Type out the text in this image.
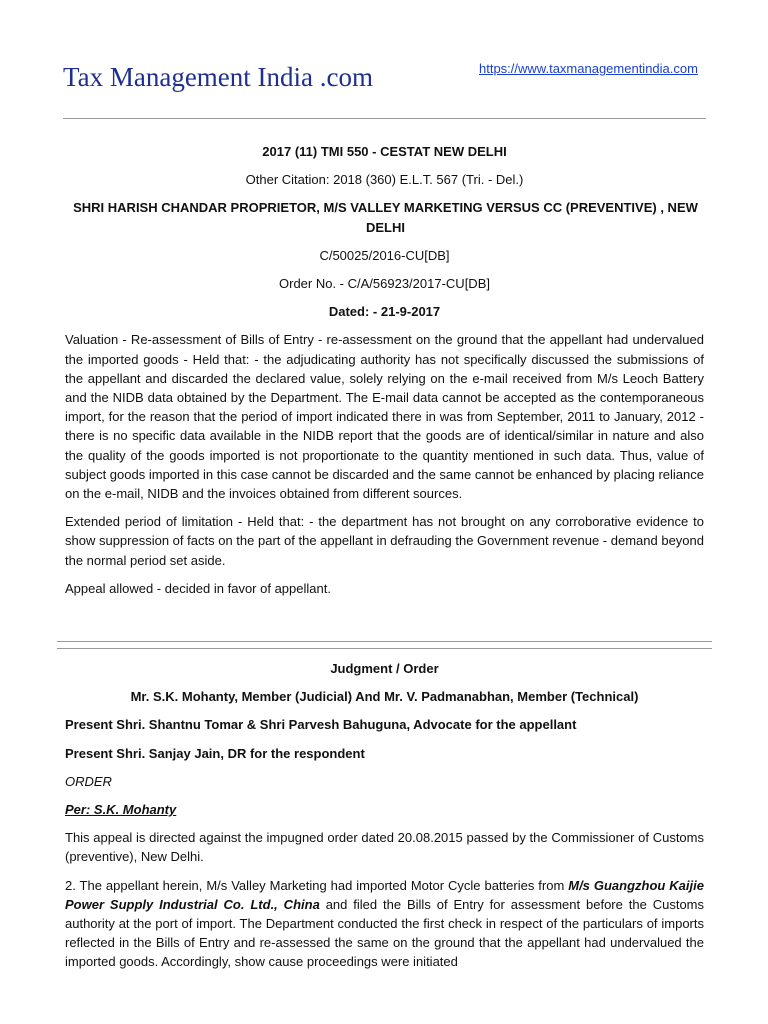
Tax Management India .com	https://www.taxmanagementindia.com

2017 (11) TMI 550 - CESTAT NEW DELHI

Other Citation: 2018 (360) E.L.T. 567 (Tri. - Del.)

SHRI HARISH CHANDAR PROPRIETOR, M/S VALLEY MARKETING VERSUS CC (PREVENTIVE) , NEW DELHI

C/50025/2016-CU[DB]

Order No. - C/A/56923/2017-CU[DB]

Dated: - 21-9-2017

Valuation - Re-assessment of Bills of Entry - re-assessment on the ground that the appellant had undervalued the imported goods - Held that: - the adjudicating authority has not specifically discussed the submissions of the appellant and discarded the declared value, solely relying on the e-mail received from M/s Leoch Battery and the NIDB data obtained by the Department. The E-mail data cannot be accepted as the contemporaneous import, for the reason that the period of import indicated there in was from September, 2011 to January, 2012 - there is no specific data available in the NIDB report that the goods are of identical/similar in nature and also the quality of the goods imported is not proportionate to the quantity mentioned in such data. Thus, value of subject goods imported in this case cannot be discarded and the same cannot be enhanced by placing reliance on the e-mail, NIDB and the invoices obtained from different sources.

Extended period of limitation - Held that: - the department has not brought on any corroborative evidence to show suppression of facts on the part of the appellant in defrauding the Government revenue - demand beyond the normal period set aside.

Appeal allowed - decided in favor of appellant.

Judgment / Order

Mr. S.K. Mohanty, Member (Judicial) And Mr. V. Padmanabhan, Member (Technical)

Present Shri. Shantnu Tomar & Shri Parvesh Bahuguna, Advocate for the appellant

Present Shri. Sanjay Jain, DR for the respondent

ORDER

Per: S.K. Mohanty

This appeal is directed against the impugned order dated 20.08.2015 passed by the Commissioner of Customs (preventive), New Delhi.

2. The appellant herein, M/s Valley Marketing had imported Motor Cycle batteries from M/s Guangzhou Kaijie Power Supply Industrial Co. Ltd., China and filed the Bills of Entry for assessment before the Customs authority at the port of import. The Department conducted the first check in respect of the particulars of imports reflected in the Bills of Entry and re-assessed the same on the ground that the appellant had undervalued the imported goods. Accordingly, show cause proceedings were initiated
